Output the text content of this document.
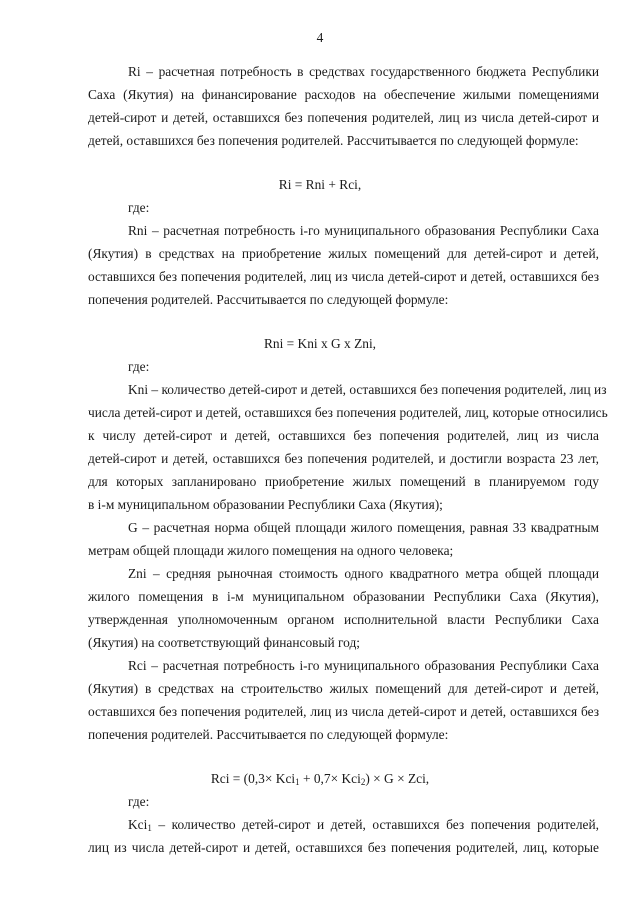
4
Ri – расчетная потребность в средствах государственного бюджета Республики
Саха (Якутия) на финансирование расходов на обеспечение жилыми помещениями
детей-сирот и детей, оставшихся без попечения родителей, лиц из числа детей-сирот и
детей, оставшихся без попечения родителей. Рассчитывается по следующей формуле:
Ri = Rni + Rci,
где:
Rni – расчетная потребность i-го муниципального образования Республики Саха
(Якутия) в средствах на приобретение жилых помещений для детей-сирот и детей,
оставшихся без попечения родителей, лиц из числа детей-сирот и детей, оставшихся без
попечения родителей. Рассчитывается по следующей формуле:
Rni = Kni x G x Zni,
где:
Kni – количество детей-сирот и детей, оставшихся без попечения родителей, лиц из
числа детей-сирот и детей, оставшихся без попечения родителей, лиц, которые относились
к числу детей-сирот и детей, оставшихся без попечения родителей, лиц из числа
детей-сирот и детей, оставшихся без попечения родителей, и достигли возраста 23 лет,
для которых запланировано приобретение жилых помещений в планируемом году
в i-м муниципальном образовании Республики Саха (Якутия);
G – расчетная норма общей площади жилого помещения, равная 33 квадратным
метрам общей площади жилого помещения на одного человека;
Zni – средняя рыночная стоимость одного квадратного метра общей площади
жилого помещения в i-м муниципальном образовании Республики Саха (Якутия),
утвержденная уполномоченным органом исполнительной власти Республики Саха
(Якутия) на соответствующий финансовый год;
Rci – расчетная потребность i-го муниципального образования Республики Саха
(Якутия) в средствах на строительство жилых помещений для детей-сирот и детей,
оставшихся без попечения родителей, лиц из числа детей-сирот и детей, оставшихся без
попечения родителей. Рассчитывается по следующей формуле:
Rci = (0,3× Kci$_1$ + 0,7× Kci$_2$) × G × Zci,
где:
Kci$_1$ – количество детей-сирот и детей, оставшихся без попечения родителей,
лиц из числа детей-сирот и детей, оставшихся без попечения родителей, лиц, которые
